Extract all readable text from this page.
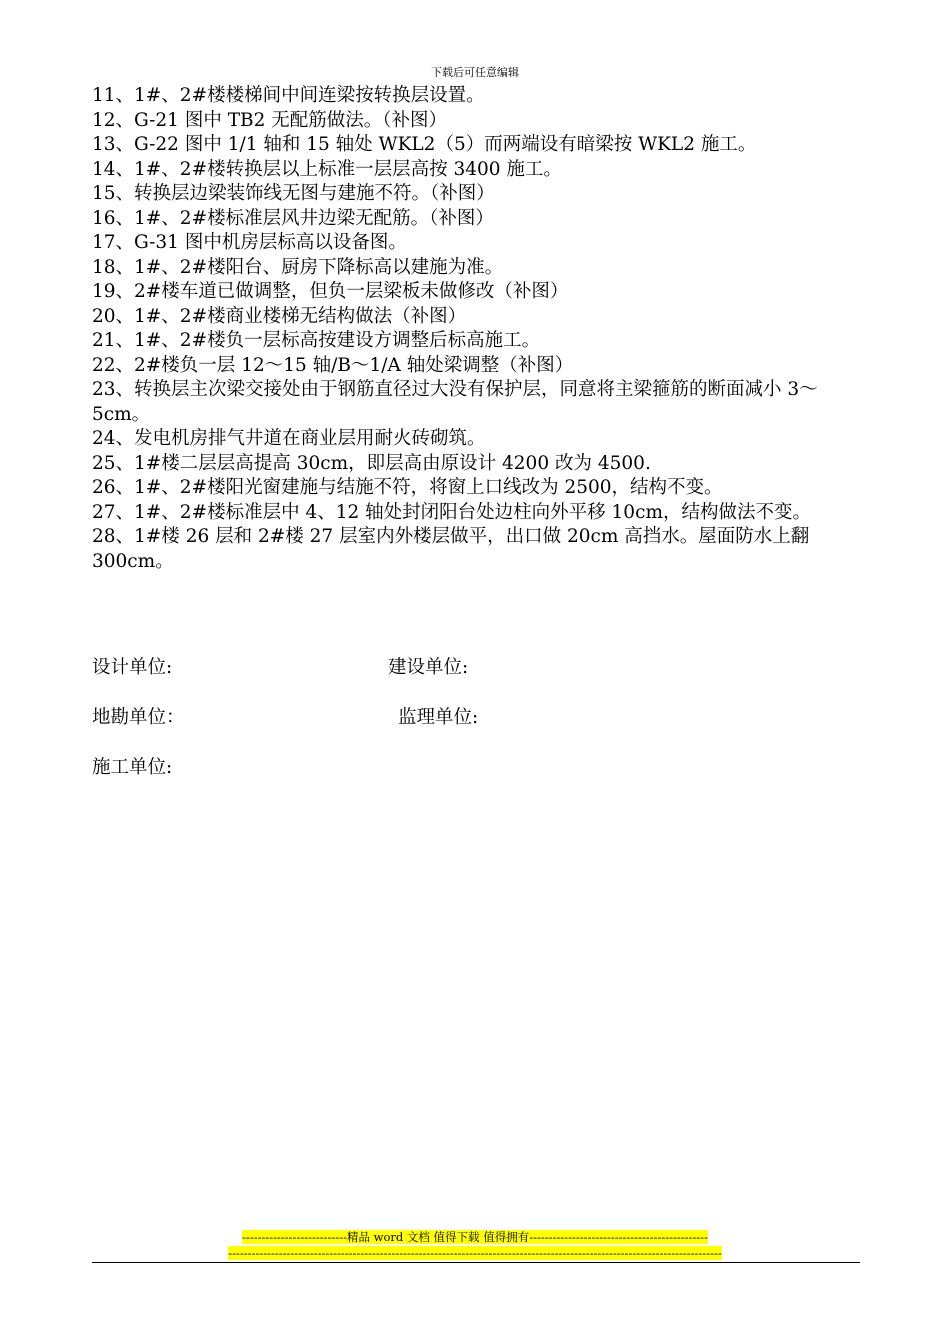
下载后可任意编辑
11、1#、2#楼楼梯间中间连梁按转换层设置。
12、G-21 图中 TB2 无配筋做法。（补图）
13、G-22 图中 1/1 轴和 15 轴处 WKL2（5）而两端设有暗梁按 WKL2 施工。
14、1#、2#楼转换层以上标准一层层高按 3400 施工。
15、转换层边梁装饰线无图与建施不符。（补图）
16、1#、2#楼标准层风井边梁无配筋。（补图）
17、G-31 图中机房层标高以设备图。
18、1#、2#楼阳台、厨房下降标高以建施为准。
19、2#楼车道已做调整，但负一层梁板未做修改（补图）
20、1#、2#楼商业楼梯无结构做法（补图）
21、1#、2#楼负一层标高按建设方调整后标高施工。
22、2#楼负一层 12～15 轴/B～1/A 轴处梁调整（补图）
23、转换层主次梁交接处由于钢筋直径过大没有保护层，同意将主梁箍筋的断面减小 3～5cm。
24、发电机房排气井道在商业层用耐火砖砌筑。
25、1#楼二层层高提高 30cm，即层高由原设计 4200 改为 4500.
26、1#、2#楼阳光窗建施与结施不符，将窗上口线改为 2500，结构不变。
27、1#、2#楼标准层中 4、12 轴处封闭阳台处边柱向外平移 10cm，结构做法不变。
28、1#楼 26 层和 2#楼 27 层室内外楼层做平，出口做 20cm 高挡水。屋面防水上翻 300cm。
设计单位:	建设单位:
地勘单位：	监理单位:
施工单位:
---------------------------精品 word 文档 值得下载 值得拥有----------------------------------------------
-------------------------------------------------------------------------------------------------------------------------------
